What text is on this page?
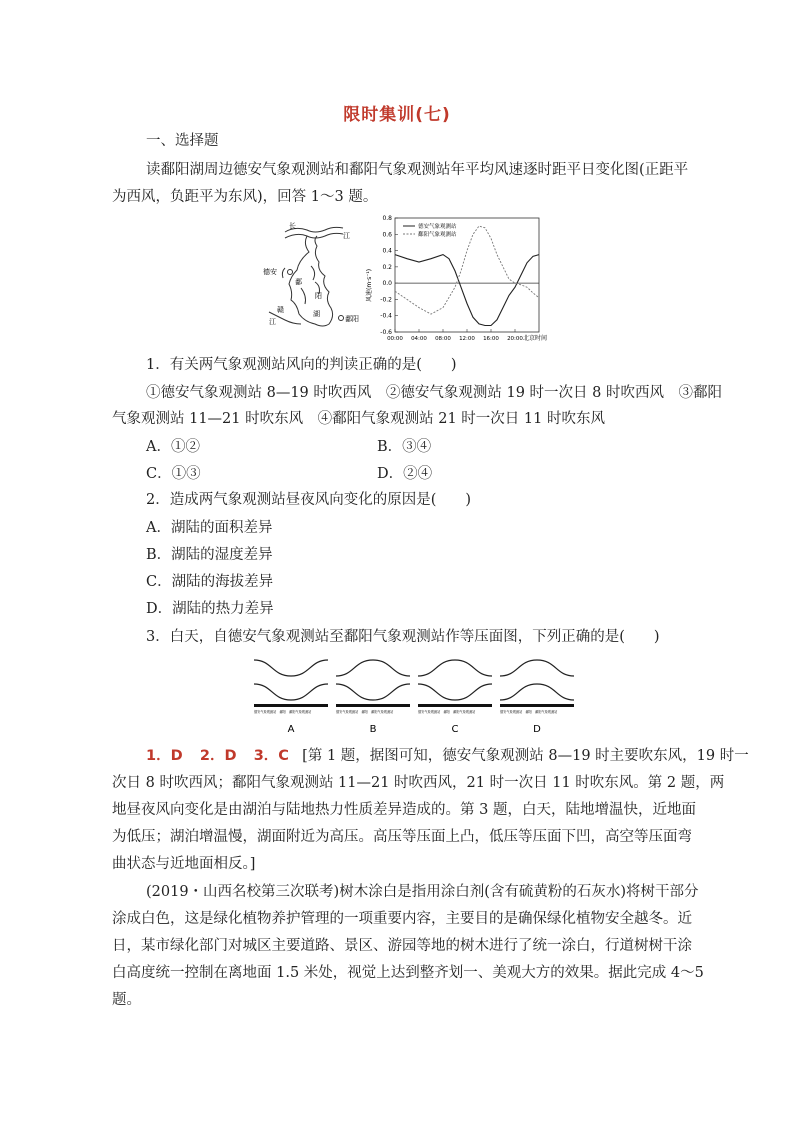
限时集训(七)
一、选择题
读鄱阳湖周边德安气象观测站和鄱阳气象观测站年平均风速逐时距平日变化图(正距平
为西风，负距平为东风)，回答 1～3 题。
长
江
德安
鄱
阳
赣
江
湖
鄱阳
0.8
0.6
0.4
0.2
0.0
-0.2
-0.4
-0.6
00:00 04:00 08:00 12:00 16:00 20:00
德安气象观测站
鄱阳气象观测站
风速(m·s⁻¹)
北京时间
1．有关两气象观测站风向的判读正确的是(　　)
①德安气象观测站 8—19 时吹西风　②德安气象观测站 19 时一次日 8 时吹西风　③鄱阳
气象观测站 11—21 时吹东风　④鄱阳气象观测站 21 时一次日 11 时吹东风
A．①②	B．③④
C．①③	D．②④
2．造成两气象观测站昼夜风向变化的原因是(　　)
A．湖陆的面积差异
B．湖陆的湿度差异
C．湖陆的海拔差异
D．湖陆的热力差异
3．白天，自德安气象观测站至鄱阳气象观测站作等压面图，下列正确的是(　　)
德安气象观测站　鄱阳　鄱阳气象观测站
A
德安气象观测站　鄱阳　鄱阳气象观测站
B
德安气象观测站　鄱阳　鄱阳气象观测站
C
德安气象观测站　鄱阳　鄱阳气象观测站
D
1．D 2．D 3．C [第 1 题，据图可知，德安气象观测站 8—19 时主要吹东风，19 时一
次日 8 时吹西风；鄱阳气象观测站 11—21 时吹西风，21 时一次日 11 时吹东风。第 2 题，两
地昼夜风向变化是由湖泊与陆地热力性质差异造成的。第 3 题，白天，陆地增温快，近地面
为低压；湖泊增温慢，湖面附近为高压。高压等压面上凸，低压等压面下凹，高空等压面弯
曲状态与近地面相反。]
(2019・山西名校第三次联考)树木涂白是指用涂白剂(含有硫黄粉的石灰水)将树干部分
涂成白色，这是绿化植物养护管理的一项重要内容，主要目的是确保绿化植物安全越冬。近
日，某市绿化部门对城区主要道路、景区、游园等地的树木进行了统一涂白，行道树树干涂
白高度统一控制在离地面 1.5 米处，视觉上达到整齐划一、美观大方的效果。据此完成 4～5
题。
